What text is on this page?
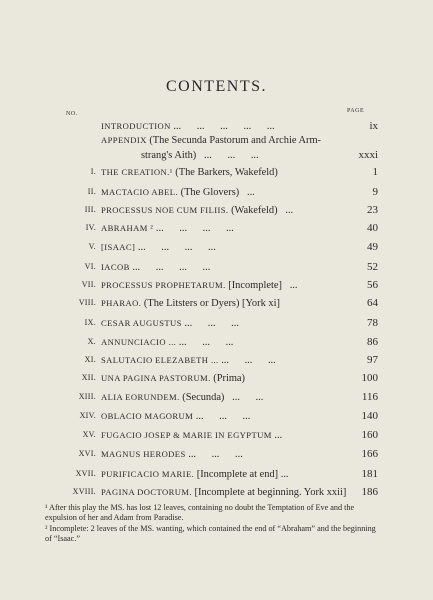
CONTENTS.
NO.	PAGE
INTRODUCTION ...      ...      ...      ...      ...	ix
APPENDIX (The Secunda Pastorum and Archie Arm-
strang's Aith)   ...      ...      ...	xxxi
I. THE CREATION.¹ (The Barkers, Wakefeld)	1
II. MACTACIO ABEL. (The Glovers)   ...	9
III. PROCESSUS NOE CUM FILIIS. (Wakefeld)   ...	23
IV. ABRAHAM ² ...      ...      ...      ...	40
V. [ISAAC] ...      ...      ...      ...	49
VI. IACOB ...      ...      ...      ...	52
VII. PROCESSUS PROPHETARUM. [Incomplete]   ...	56
VIII. PHARAO. (The Litsters or Dyers) [York xi]	64
IX. CESAR AUGUSTUS ...      ...      ...	78
X. ANNUNCIACIO ... ...      ...      ...	86
XI. SALUTACIO ELEZABETH ... ...      ...      ...	97
XII. UNA PAGINA PASTORUM. (Prima)	100
XIII. ALIA EORUNDEM. (Secunda)   ...      ...	116
XIV. OBLACIO MAGORUM ...      ...      ...	140
XV. FUGACIO JOSEP & MARIE IN EGYPTUM ...	160
XVI. MAGNUS HERODES ...      ...      ...	166
XVII. PURIFICACIO MARIE. [Incomplete at end] ...	181
XVIII. PAGINA DOCTORUM. [Incomplete at beginning. York xxii] 186
¹ After this play the MS. has lost 12 leaves, containing no doubt the Temptation of Eve and the expulsion of her and Adam from Paradise.
² Incomplete: 2 leaves of the MS. wanting, which contained the end of “Abraham” and the beginning of “Isaac.”
